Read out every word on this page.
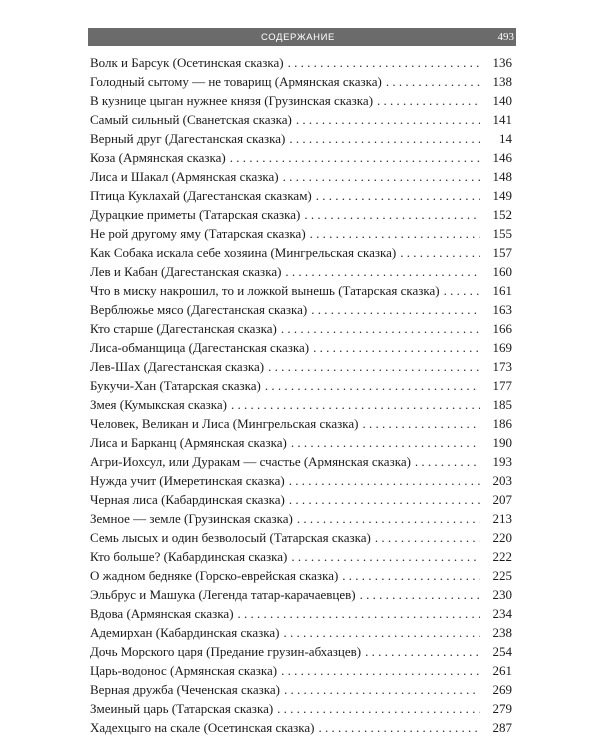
СОДЕРЖАНИЕ	493
Волк и Барсук (Осетинская сказка) . . .	136
Голодный сытому — не товарищ (Армянская сказка) . . .	138
В кузнице цыган нужнее князя (Грузинская сказка) . . .	140
Самый сильный (Сванетская сказка) . . .	141
Верный друг (Дагестанская сказка) . . .	14
Коза (Армянская сказка) . . .	146
Лиса и Шакал (Армянская сказка) . . .	148
Птица Куклахай (Дагестанская сказкам) . . .	149
Дурацкие приметы (Татарская сказка) . . .	152
Не рой другому яму (Татарская сказка) . . .	155
Как Собака искала себе хозяина (Мингрельская сказка) . . .	157
Лев и Кабан (Дагестанская сказка) . . .	160
Что в миску накрошил, то и ложкой вынешь (Татарская сказка) . . .	161
Верблюжье мясо (Дагестанская сказка) . . .	163
Кто старше (Дагестанская сказка) . . .	166
Лиса-обманщица (Дагестанская сказка) . . .	169
Лев-Шах (Дагестанская сказка) . . .	173
Букучи-Хан (Татарская сказка) . . .	177
Змея (Кумыкская сказка) . . .	185
Человек, Великан и Лиса (Мингрельская сказка) . . .	186
Лиса и Барканц (Армянская сказка) . . .	190
Агри-Иохсул, или Дуракам — счастье (Армянская сказка) . . .	193
Нужда учит (Имеретинская сказка) . . .	203
Черная лиса (Кабардинская сказка) . . .	207
Земное — земле (Грузинская сказка) . . .	213
Семь лысых и один безволосый (Татарская сказка) . . .	220
Кто больше? (Кабардинская сказка) . . .	222
О жадном бедняке (Горско-еврейская сказка) . . .	225
Эльбрус и Машука (Легенда татар-карачаевцев) . . .	230
Вдова (Армянская сказка) . . .	234
Адемирхан (Кабардинская сказка) . . .	238
Дочь Морского царя (Предание грузин-абхазцев) . . .	254
Царь-водонос (Армянская сказка) . . .	261
Верная дружба (Чеченская сказка) . . .	269
Змеиный царь (Татарская сказка) . . .	279
Хадехцыго на скале (Осетинская сказка) . . .	287
